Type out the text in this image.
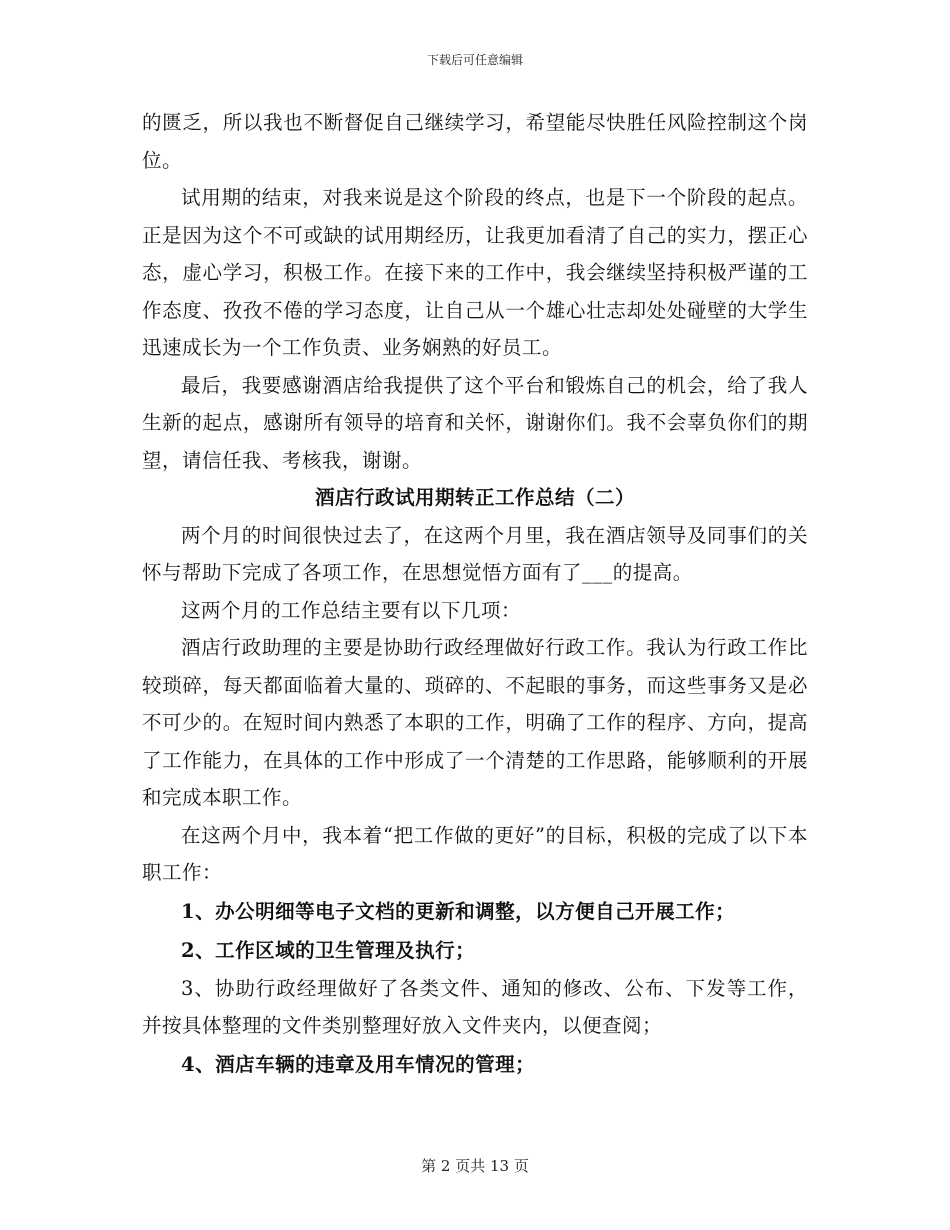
下载后可任意编辑

的匮乏，所以我也不断督促自己继续学习，希望能尽快胜任风险控制这个岗位。

试用期的结束，对我来说是这个阶段的终点，也是下一个阶段的起点。正是因为这个不可或缺的试用期经历，让我更加看清了自己的实力，摆正心态，虚心学习，积极工作。在接下来的工作中，我会继续坚持积极严谨的工作态度、孜孜不倦的学习态度，让自己从一个雄心壮志却处处碰壁的大学生迅速成长为一个工作负责、业务娴熟的好员工。

最后，我要感谢酒店给我提供了这个平台和锻炼自己的机会，给了我人生新的起点，感谢所有领导的培育和关怀，谢谢你们。我不会辜负你们的期望，请信任我、考核我，谢谢。

酒店行政试用期转正工作总结（二）

两个月的时间很快过去了，在这两个月里，我在酒店领导及同事们的关怀与帮助下完成了各项工作，在思想觉悟方面有了___的提高。

这两个月的工作总结主要有以下几项：

酒店行政助理的主要是协助行政经理做好行政工作。我认为行政工作比较琐碎，每天都面临着大量的、琐碎的、不起眼的事务，而这些事务又是必不可少的。在短时间内熟悉了本职的工作，明确了工作的程序、方向，提高了工作能力，在具体的工作中形成了一个清楚的工作思路，能够顺利的开展和完成本职工作。

在这两个月中，我本着“把工作做的更好”的目标，积极的完成了以下本职工作：

1、办公明细等电子文档的更新和调整，以方便自己开展工作；

2、工作区域的卫生管理及执行；

3、协助行政经理做好了各类文件、通知的修改、公布、下发等工作，并按具体整理的文件类别整理好放入文件夹内，以便查阅；

4、酒店车辆的违章及用车情况的管理；

第 2 页共 13 页
